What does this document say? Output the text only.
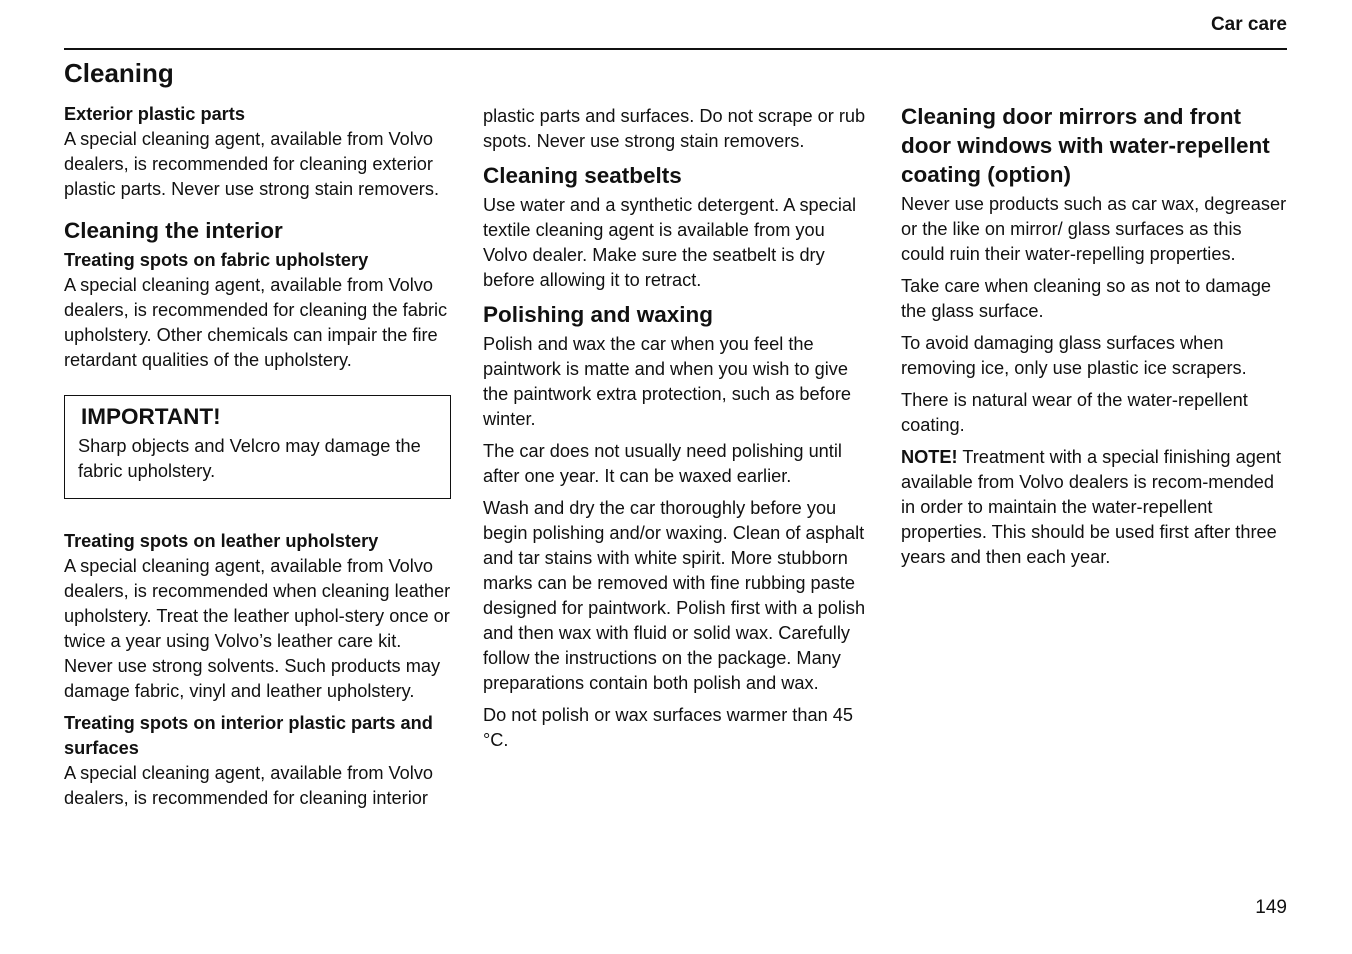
Car care
Cleaning
Exterior plastic parts

A special cleaning agent, available from Volvo dealers, is recommended for cleaning exterior plastic parts. Never use strong stain removers.

Cleaning the interior
Treating spots on fabric upholstery

A special cleaning agent, available from Volvo dealers, is recommended for cleaning the fabric upholstery. Other chemicals can impair the fire retardant qualities of the upholstery.

IMPORTANT!

Sharp objects and Velcro may damage the fabric upholstery.

Treating spots on leather upholstery

A special cleaning agent, available from Volvo dealers, is recommended when cleaning leather upholstery. Treat the leather uphol-stery once or twice a year using Volvo’s leather care kit. Never use strong solvents. Such products may damage fabric, vinyl and leather upholstery.

Treating spots on interior plastic parts and surfaces

A special cleaning agent, available from Volvo dealers, is recommended for cleaning interior

plastic parts and surfaces. Do not scrape or rub spots. Never use strong stain removers.

Cleaning seatbelts

Use water and a synthetic detergent. A special textile cleaning agent is available from you Volvo dealer. Make sure the seatbelt is dry before allowing it to retract.

Polishing and waxing

Polish and wax the car when you feel the paintwork is matte and when you wish to give the paintwork extra protection, such as before winter.

The car does not usually need polishing until after one year. It can be waxed earlier.

Wash and dry the car thoroughly before you begin polishing and/or waxing. Clean of asphalt and tar stains with white spirit. More stubborn marks can be removed with fine rubbing paste designed for paintwork. Polish first with a polish and then wax with fluid or solid wax. Carefully follow the instructions on the package. Many preparations contain both polish and wax.

Do not polish or wax surfaces warmer than 45 °C.

Cleaning door mirrors and front door windows with water-repellent coating (option)

Never use products such as car wax, degreaser or the like on mirror/ glass surfaces as this could ruin their water-repelling properties.

Take care when cleaning so as not to damage the glass surface.

To avoid damaging glass surfaces when removing ice, only use plastic ice scrapers.

There is natural wear of the water-repellent coating.

NOTE! Treatment with a special finishing agent available from Volvo dealers is recom-mended in order to maintain the water-repellent properties. This should be used first after three years and then each year.

149
